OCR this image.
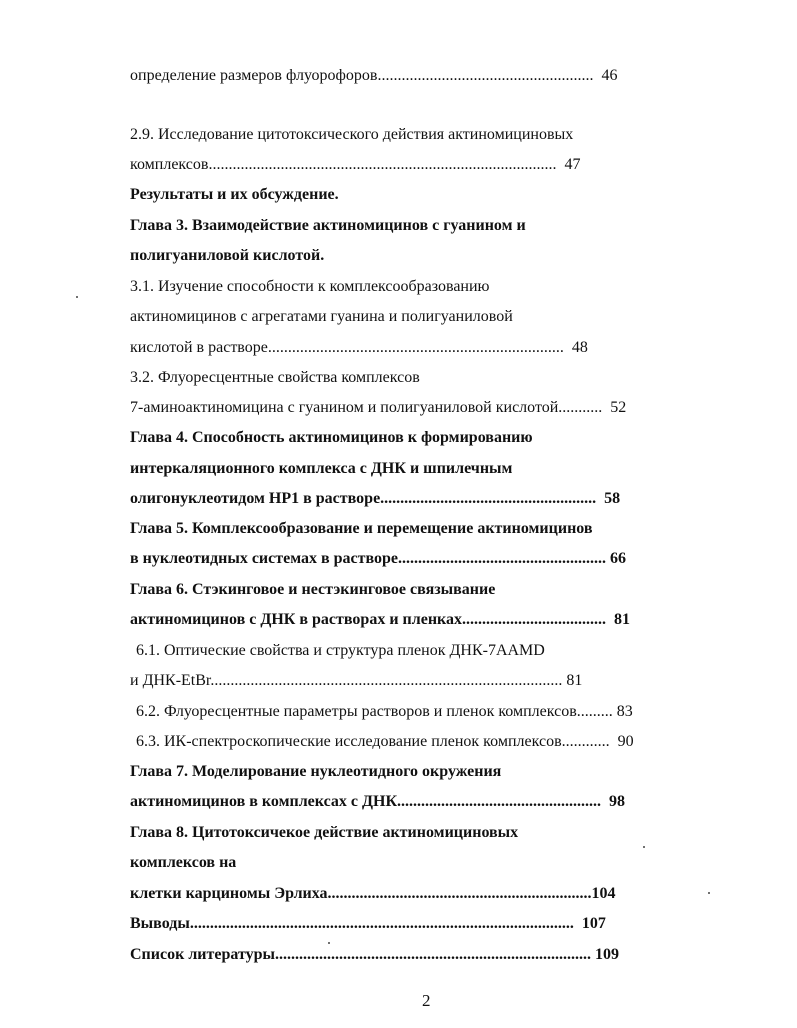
определение размеров флуорофоров......................................................  46
2.9. Исследование цитотоксического действия актиномициновых
комплексов.......................................................................................  47
Результаты и их обсуждение.
Глава 3. Взаимодействие актиномицинов с гуанином и
полигуаниловой кислотой.
3.1. Изучение способности к комплексообразованию
актиномицинов с агрегатами гуанина и полигуаниловой
кислотой в растворе..........................................................................  48
3.2. Флуоресцентные свойства комплексов
7-аминоактиномицина с гуанином и полигуаниловой кислотой...........  52
Глава 4. Способность актиномицинов к формированию
интеркаляционного комплекса с ДНК и шпилечным
олигонуклеотидом НР1 в растворе......................................................  58
Глава 5. Комплексообразование и перемещение актиномицинов
в нуклеотидных системах в растворе.................................................... 66
Глава 6. Стэкинговое и нестэкинговое связывание
актиномицинов с ДНК в растворах и пленках....................................  81
6.1. Оптические свойства и структура пленок ДНК-7AAMD
и ДНК-EtBr........................................................................................ 81
6.2. Флуоресцентные параметры растворов и пленок комплексов......... 83
6.3. ИК-спектроскопические исследование пленок комплексов............  90
Глава 7. Моделирование нуклеотидного окружения
актиномицинов в комплексах с ДНК...................................................  98
Глава 8. Цитотоксичекое действие актиномициновых
комплексов на
клетки карциномы Эрлиха..................................................................104
Выводы................................................................................................  107
Список литературы............................................................................... 109
2
